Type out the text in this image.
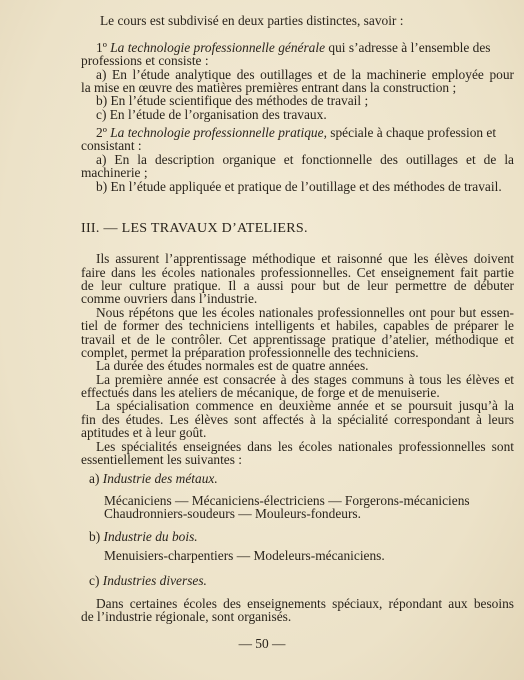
Le cours est subdivisé en deux parties distinctes, savoir :
1º La technologie professionnelle générale qui s’adresse à l’ensemble des
professions et consiste :
a) En l’étude analytique des outillages et de la machinerie employée pour
la mise en œuvre des matières premières entrant dans la construction ;
b) En l’étude scientifique des méthodes de travail ;
c) En l’étude de l’organisation des travaux.
2º La technologie professionnelle pratique, spéciale à chaque profession et
consistant :
a) En la description organique et fonctionnelle des outillages et de la
machinerie ;
b) En l’étude appliquée et pratique de l’outillage et des méthodes de travail.
III. — LES TRAVAUX D’ATELIERS.
Ils assurent l’apprentissage méthodique et raisonné que les élèves doivent
faire dans les écoles nationales professionnelles. Cet enseignement fait partie
de leur culture pratique. Il a aussi pour but de leur permettre de débuter
comme ouvriers dans l’industrie.
Nous répétons que les écoles nationales professionnelles ont pour but essen-
tiel de former des techniciens intelligents et habiles, capables de préparer le
travail et de le contrôler. Cet apprentissage pratique d’atelier, méthodique et
complet, permet la préparation professionnelle des techniciens.
La durée des études normales est de quatre années.
La première année est consacrée à des stages communs à tous les élèves et
effectués dans les ateliers de mécanique, de forge et de menuiserie.
La spécialisation commence en deuxième année et se poursuit jusqu’à la
fin des études. Les élèves sont affectés à la spécialité correspondant à leurs
aptitudes et à leur goût.
Les spécialités enseignées dans les écoles nationales professionnelles sont
essentiellement les suivantes :
a) Industrie des métaux.
Mécaniciens — Mécaniciens-électriciens — Forgerons-mécaniciens
Chaudronniers-soudeurs — Mouleurs-fondeurs.
b) Industrie du bois.
Menuisiers-charpentiers — Modeleurs-mécaniciens.
c) Industries diverses.
Dans certaines écoles des enseignements spéciaux, répondant aux besoins
de l’industrie régionale, sont organisés.
— 50 —
